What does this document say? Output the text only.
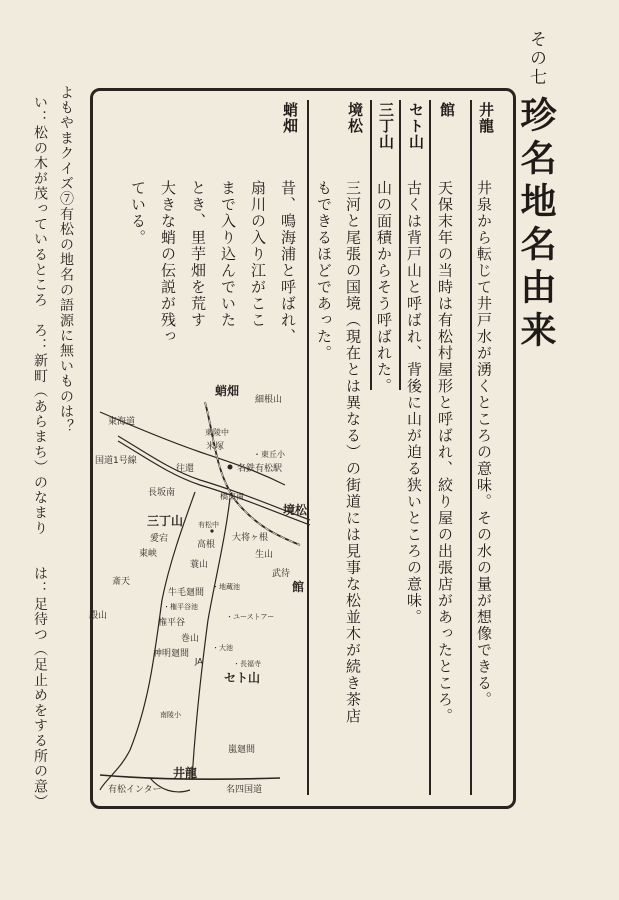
その七
珍名地名由来
井龍
井泉から転じて井戸水が湧くところの意味。その水の量が想像できる。
館
天保末年の当時は有松村屋形と呼ばれ、絞り屋の出張店があったところ。
セト山
古くは背戸山と呼ばれ、背後に山が迫る狭いところの意味。
三丁山
山の面積からそう呼ばれた。
境松
三河と尾張の国境（現在とは異なる）の街道には見事な松並木が続き茶店
もできるほどであった。
蛸畑
昔、鳴海浦と呼ばれ、
扇川の入り江がここ
まで入り込んでいた
とき、里芋畑を荒す
大きな蛸の伝説が残っ
ている。
よもやまクイズ⑦有松の地名の語源に無いものは？
い：松の木が茂っているところ　ろ：新町（あらまち）のなまり　　は：足待つ（足止めをする所の意）	蛸畑
細根山
東海道
東陵中
米塚
・東丘小
国道1号線
往還	名鉄有松駅
長坂南	橋東南
境松
三丁山 有松中
大将ヶ根
愛宕
高根
東峡	生山
蓑山
武待
館
・地蔵池
斎天
牛毛廻間
・権平谷池
・ユーストアー
殿山
権平谷
巻山
・大池
神明廻間
JA	・長福寺
セト山
南陵小
嵐廻間
井龍
有松インター	名四国道
